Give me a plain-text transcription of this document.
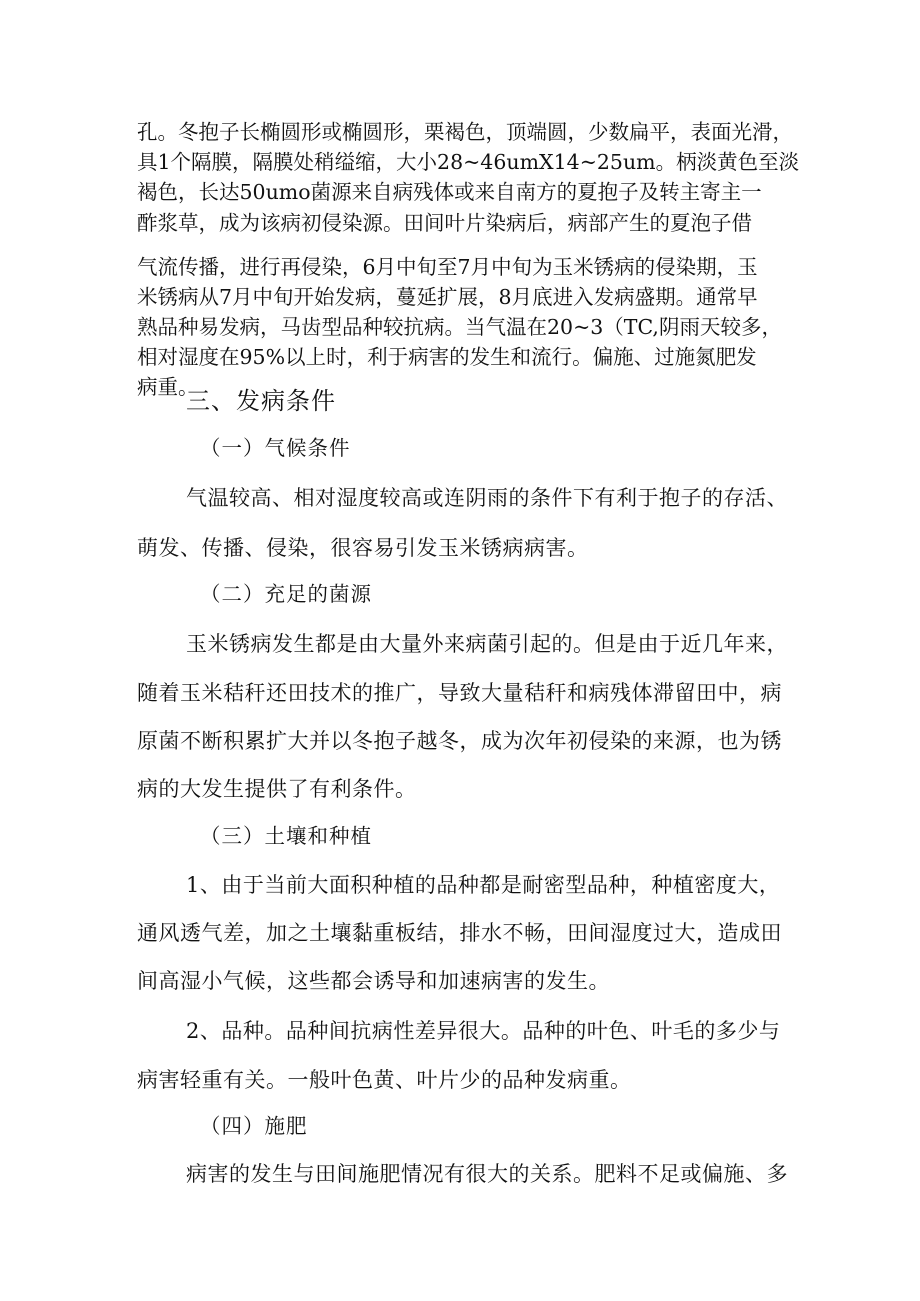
孔。冬抱子长椭圆形或椭圆形，栗褐色，顶端圆，少数扁平，表面光滑，
具1个隔膜，隔膜处稍缢缩，大小28~46umX14~25um。柄淡黄色至淡
褐色，长达50umo菌源来自病残体或来自南方的夏抱子及转主寄主一
酢浆草，成为该病初侵染源。田间叶片染病后，病部产生的夏泡子借
气流传播，进行再侵染，6月中旬至7月中旬为玉米锈病的侵染期，玉
米锈病从7月中旬开始发病，蔓延扩展，8月底进入发病盛期。通常早
熟品种易发病，马齿型品种较抗病。当气温在20~3（TC,阴雨天较多，
相对湿度在95%以上时，利于病害的发生和流行。偏施、过施氮肥发
病重。
三、发病条件
（一）气候条件
气温较高、相对湿度较高或连阴雨的条件下有利于抱子的存活、
萌发、传播、侵染，很容易引发玉米锈病病害。
（二）充足的菌源
玉米锈病发生都是由大量外来病菌引起的。但是由于近几年来，
随着玉米秸秆还田技术的推广，导致大量秸秆和病残体滞留田中，病
原菌不断积累扩大并以冬抱子越冬，成为次年初侵染的来源，也为锈
病的大发生提供了有利条件。
（三）土壤和种植
1、由于当前大面积种植的品种都是耐密型品种，种植密度大，
通风透气差，加之土壤黏重板结，排水不畅，田间湿度过大，造成田
间高湿小气候，这些都会诱导和加速病害的发生。
2、品种。品种间抗病性差异很大。品种的叶色、叶毛的多少与
病害轻重有关。一般叶色黄、叶片少的品种发病重。
（四）施肥
病害的发生与田间施肥情况有很大的关系。肥料不足或偏施、多
